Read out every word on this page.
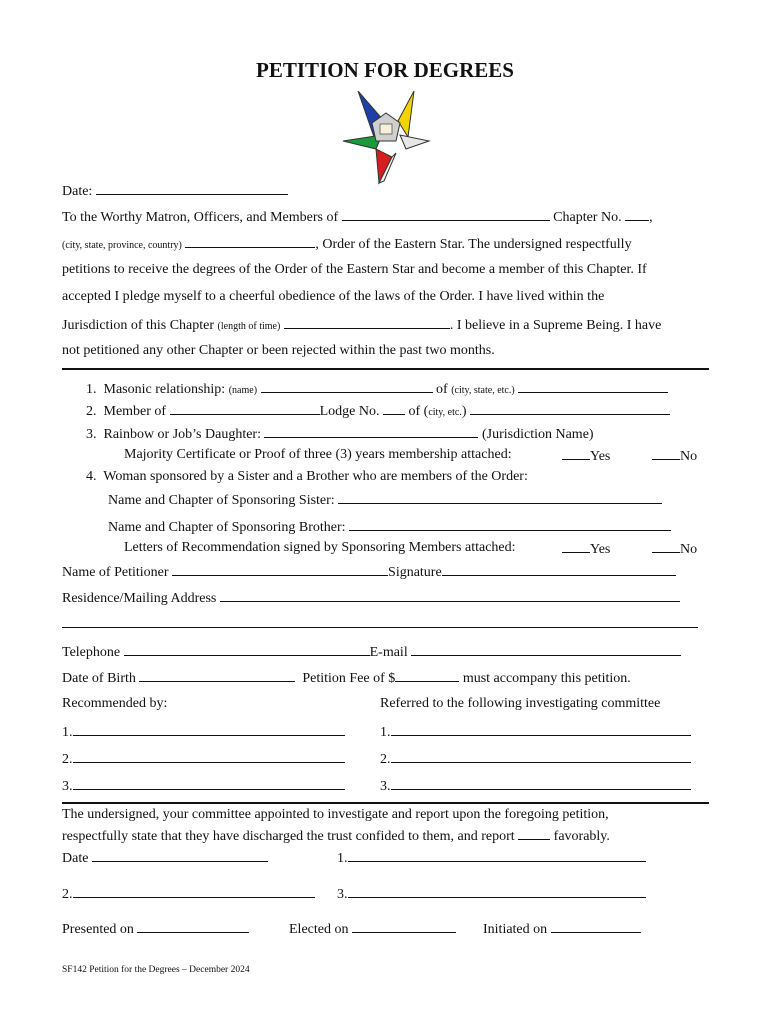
PETITION FOR DEGREES
Date:
To the Worthy Matron, Officers, and Members of	Chapter No. ,
(city, state, province, country)	, Order of the Eastern Star. The undersigned respectfully
petitions to receive the degrees of the Order of the Eastern Star and become a member of this Chapter. If
accepted I pledge myself to a cheerful obedience of the laws of the Order. I have lived within the
Jurisdiction of this Chapter (length of time)	. I believe in a Supreme Being. I have
not petitioned any other Chapter or been rejected within the past two months.
1. Masonic relationship: (name)	of (city, state, etc.)
2. Member of	Lodge No. of (city, etc.)
3. Rainbow or Job’s Daughter:	(Jurisdiction Name)
Majority Certificate or Proof of three (3) years membership attached:	Yes	No
4. Woman sponsored by a Sister and a Brother who are members of the Order:
Name and Chapter of Sponsoring Sister:
Name and Chapter of Sponsoring Brother:
Letters of Recommendation signed by Sponsoring Members attached:	Yes	No
Name of Petitioner	Signature
Residence/Mailing Address
Telephone	E-mail
Date of Birth	Petition Fee of $	must accompany this petition.
Recommended by:	Referred to the following investigating committee
1.	1.
2.	2.
3.	3.
The undersigned, your committee appointed to investigate and report upon the foregoing petition,
respectfully state that they have discharged the trust confided to them, and report	favorably.
Date	1.
2.	3.
Presented on	Elected on	Initiated on
SF142 Petition for the Degrees – December 2024
